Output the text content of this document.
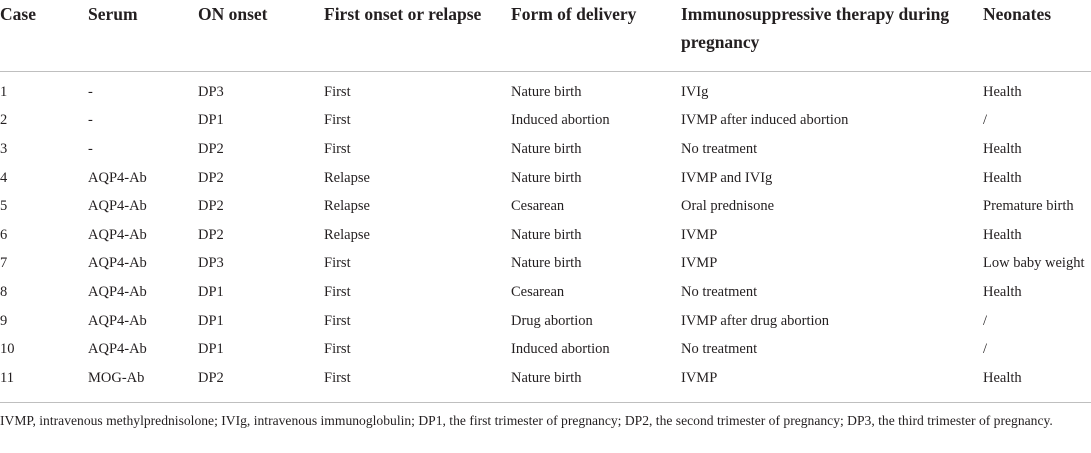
Case	Serum	ON onset	First onset or relapse	Form of delivery	Immunosuppressive therapy during pregnancy	Neonates
1	-	DP3	First	Nature birth	IVIg	Health
2	-	DP1	First	Induced abortion	IVMP after induced abortion	/
3	-	DP2	First	Nature birth	No treatment	Health
4	AQP4-Ab	DP2	Relapse	Nature birth	IVMP and IVIg	Health
5	AQP4-Ab	DP2	Relapse	Cesarean	Oral prednisone	Premature birth
6	AQP4-Ab	DP2	Relapse	Nature birth	IVMP	Health
7	AQP4-Ab	DP3	First	Nature birth	IVMP	Low baby weight
8	AQP4-Ab	DP1	First	Cesarean	No treatment	Health
9	AQP4-Ab	DP1	First	Drug abortion	IVMP after drug abortion	/
10	AQP4-Ab	DP1	First	Induced abortion	No treatment	/
11	MOG-Ab	DP2	First	Nature birth	IVMP	Health
IVMP, intravenous methylprednisolone; IVIg, intravenous immunoglobulin; DP1, the first trimester of pregnancy; DP2, the second trimester of pregnancy; DP3, the third trimester of pregnancy.
